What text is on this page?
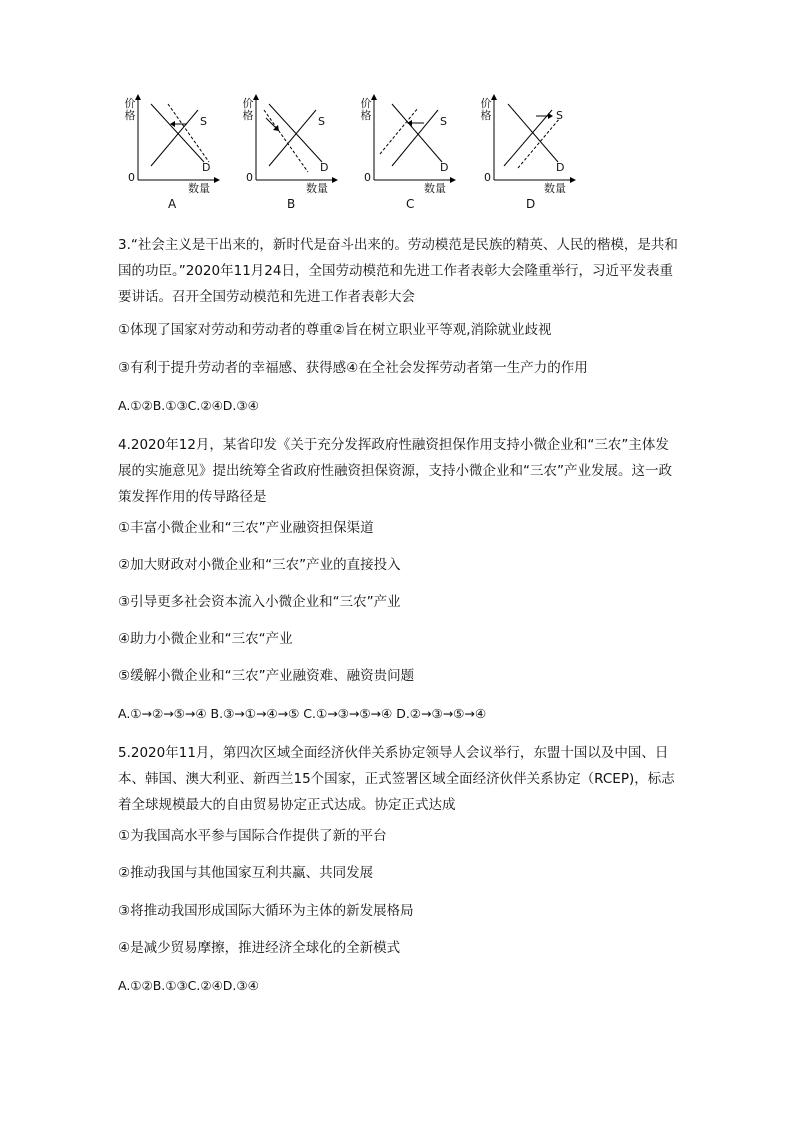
价
格	S
D
0
数量
A
价
格	S
D
0
数量
B
价
格	S
D
0
数量
C
价
格	S
D
0
数量
D

3.“社会主义是干出来的，新时代是奋斗出来的。劳动模范是民族的精英、人民的楷模，是共和国的功臣。”2020年11月24日，全国劳动模范和先进工作者表彰大会隆重举行，习近平发表重要讲话。召开全国劳动模范和先进工作者表彰大会

①体现了国家对劳动和劳动者的尊重②旨在树立职业平等观,消除就业歧视
③有利于提升劳动者的幸福感、获得感④在全社会发挥劳动者第一生产力的作用
A.①②B.①③C.②④D.③④

4.2020年12月，某省印发《关于充分发挥政府性融资担保作用支持小微企业和“三农”主体发展的实施意见》提出统筹全省政府性融资担保资源，支持小微企业和“三农”产业发展。这一政策发挥作用的传导路径是

①丰富小微企业和“三农”产业融资担保渠道
②加大财政对小微企业和“三农”产业的直接投入
③引导更多社会资本流入小微企业和“三农”产业
④助力小微企业和“三农“产业
⑤缓解小微企业和“三农”产业融资难、融资贵问题
A.①→②→⑤→④ B.③→①→④→⑤ C.①→③→⑤→④ D.②→③→⑤→④

5.2020年11月，第四次区域全面经济伙伴关系协定领导人会议举行，东盟十国以及中国、日本、韩国、澳大利亚、新西兰15个国家，正式签署区域全面经济伙伴关系协定（RCEP)，标志着全球规模最大的自由贸易协定正式达成。协定正式达成

①为我国高水平参与国际合作提供了新的平台
②推动我国与其他国家互利共赢、共同发展
③将推动我国形成国际大循环为主体的新发展格局
④是减少贸易摩擦，推进经济全球化的全新模式
A.①②B.①③C.②④D.③④
